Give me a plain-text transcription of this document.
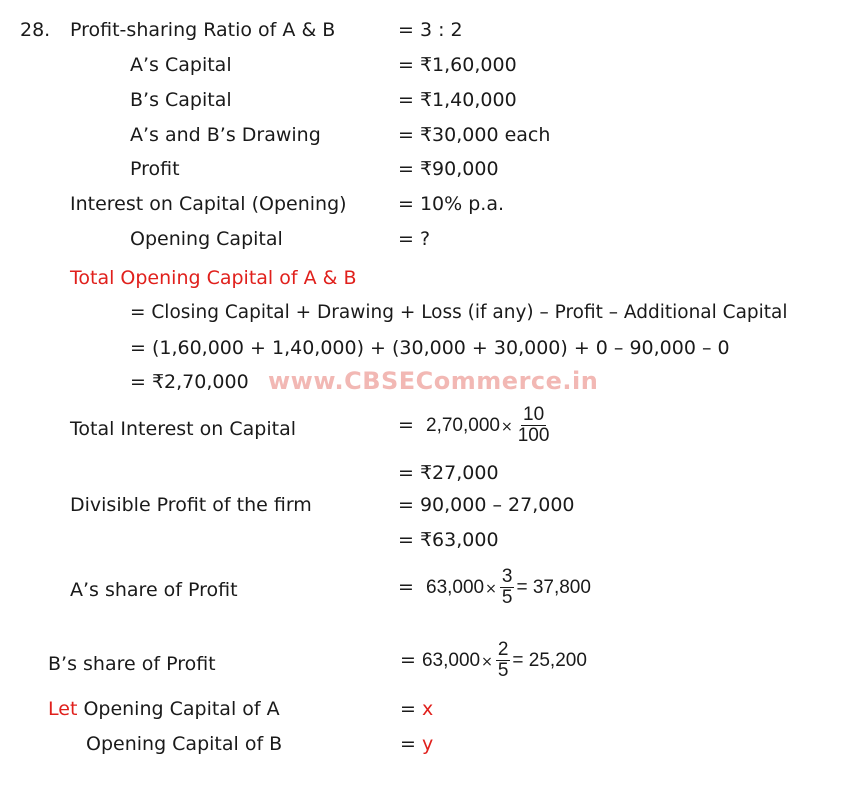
28. Profit-sharing Ratio of A & B	= 3 : 2
A’s Capital	= ₹1,60,000
B’s Capital	= ₹1,40,000
A’s and B’s Drawing	= ₹30,000 each
Profit	= ₹90,000
Interest on Capital (Opening)	= 10% p.a.
Opening Capital	= ?
Total Opening Capital of A & B
= Closing Capital + Drawing + Loss (if any) – Profit – Additional Capital
= (1,60,000 + 1,40,000) + (30,000 + 30,000) + 0 – 90,000 – 0
= ₹2,70,000 www.CBSECommerce.in
Total Interest on Capital	= $2,70,000\times \frac{10}{100}$
= ₹27,000
Divisible Profit of the firm	= 90,000 – 27,000
= ₹63,000
A’s share of Profit	= $63,000\times \frac{3}{5} = 37,800$
B’s share of Profit	= $63,000\times \frac{2}{5} = 25,200$
Let Opening Capital of A	= x
Opening Capital of B	= y
